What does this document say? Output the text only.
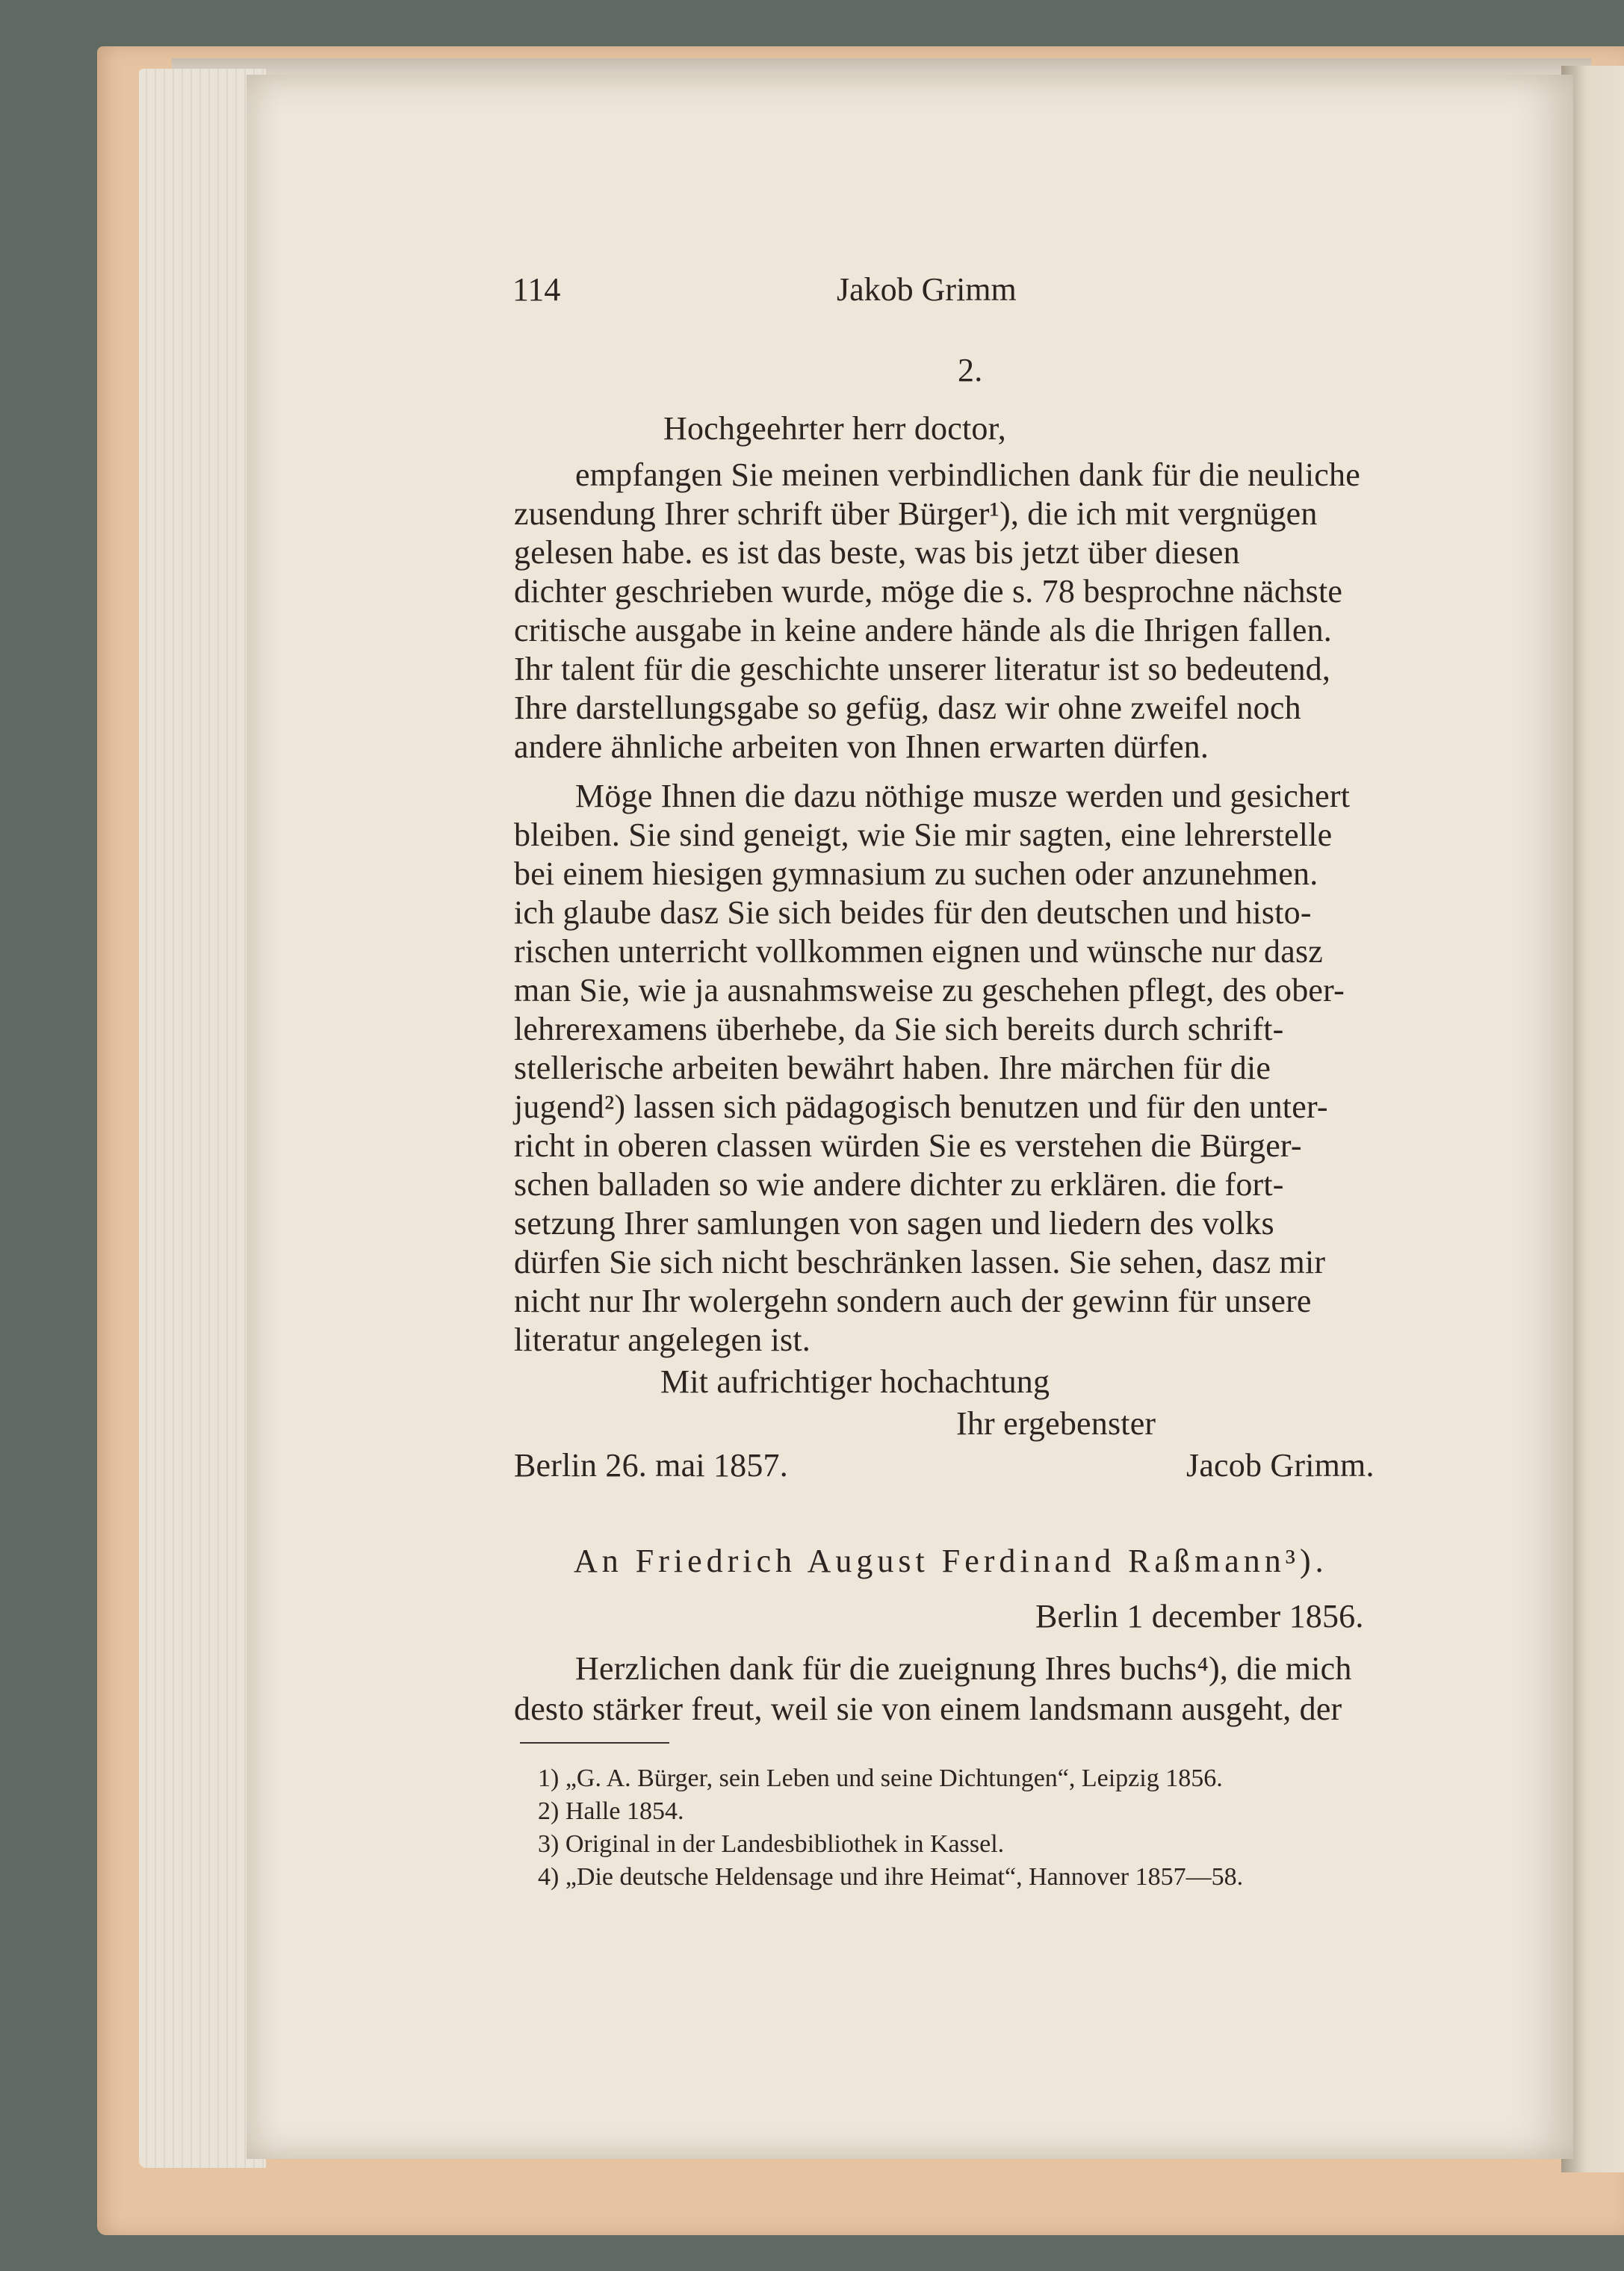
114	Jakob Grimm
2.
Hochgeehrter herr doctor,
empfangen Sie meinen verbindlichen dank für die neuliche
zusendung Ihrer schrift über Bürger¹), die ich mit vergnügen
gelesen habe. es ist das beste, was bis jetzt über diesen
dichter geschrieben wurde, möge die s. 78 besprochne nächste
critische ausgabe in keine andere hände als die Ihrigen fallen.
Ihr talent für die geschichte unserer literatur ist so bedeutend,
Ihre darstellungsgabe so gefüg, dasz wir ohne zweifel noch
andere ähnliche arbeiten von Ihnen erwarten dürfen.
Möge Ihnen die dazu nöthige musze werden und gesichert
bleiben. Sie sind geneigt, wie Sie mir sagten, eine lehrerstelle
bei einem hiesigen gymnasium zu suchen oder anzunehmen.
ich glaube dasz Sie sich beides für den deutschen und histo-
rischen unterricht vollkommen eignen und wünsche nur dasz
man Sie, wie ja ausnahmsweise zu geschehen pflegt, des ober-
lehrerexamens überhebe, da Sie sich bereits durch schrift-
stellerische arbeiten bewährt haben. Ihre märchen für die
jugend²) lassen sich pädagogisch benutzen und für den unter-
richt in oberen classen würden Sie es verstehen die Bürger-
schen balladen so wie andere dichter zu erklären. die fort-
setzung Ihrer samlungen von sagen und liedern des volks
dürfen Sie sich nicht beschränken lassen. Sie sehen, dasz mir
nicht nur Ihr wolergehn sondern auch der gewinn für unsere
literatur angelegen ist.
Mit aufrichtiger hochachtung
Ihr ergebenster
Berlin 26. mai 1857.	Jacob Grimm.
An Friedrich August Ferdinand Raßmann³).
Berlin 1 december 1856.
Herzlichen dank für die zueignung Ihres buchs⁴), die mich
desto stärker freut, weil sie von einem landsmann ausgeht, der
1) „G. A. Bürger, sein Leben und seine Dichtungen“, Leipzig 1856.
2) Halle 1854.
3) Original in der Landesbibliothek in Kassel.
4) „Die deutsche Heldensage und ihre Heimat“, Hannover 1857—58.
